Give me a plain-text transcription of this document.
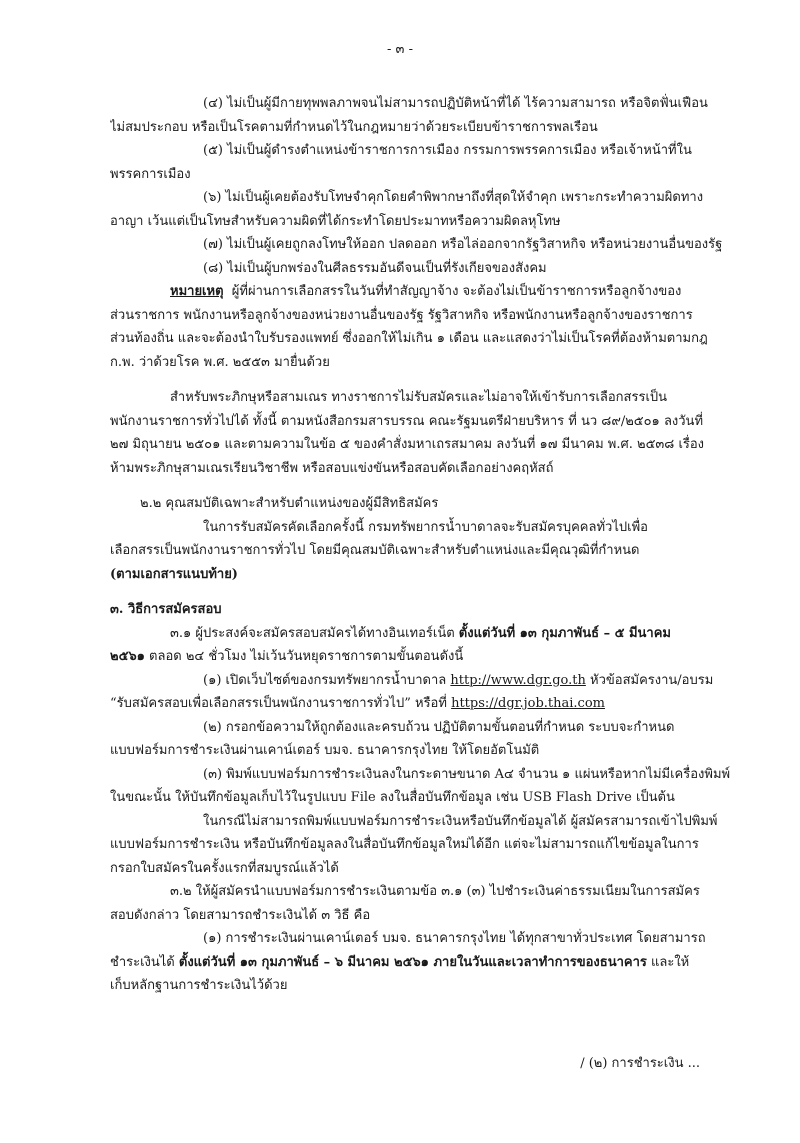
- ๓ -
(๔) ไม่เป็นผู้มีกายทุพพลภาพจนไม่สามารถปฏิบัติหน้าที่ได้ ไร้ความสามารถ หรือจิตฟั่นเฟือน
ไม่สมประกอบ หรือเป็นโรคตามที่กำหนดไว้ในกฎหมายว่าด้วยระเบียบข้าราชการพลเรือน
(๕) ไม่เป็นผู้ดำรงตำแหน่งข้าราชการการเมือง กรรมการพรรคการเมือง หรือเจ้าหน้าที่ใน
พรรคการเมือง
(๖) ไม่เป็นผู้เคยต้องรับโทษจำคุกโดยคำพิพากษาถึงที่สุดให้จำคุก เพราะกระทำความผิดทาง
อาญา เว้นแต่เป็นโทษสำหรับความผิดที่ได้กระทำโดยประมาทหรือความผิดลหุโทษ
(๗) ไม่เป็นผู้เคยถูกลงโทษให้ออก ปลดออก หรือไล่ออกจากรัฐวิสาหกิจ หรือหน่วยงานอื่นของรัฐ
(๘) ไม่เป็นผู้บกพร่องในศีลธรรมอันดีจนเป็นที่รังเกียจของสังคม
หมายเหตุ ผู้ที่ผ่านการเลือกสรรในวันที่ทำสัญญาจ้าง จะต้องไม่เป็นข้าราชการหรือลูกจ้างของ
ส่วนราชการ พนักงานหรือลูกจ้างของหน่วยงานอื่นของรัฐ รัฐวิสาหกิจ หรือพนักงานหรือลูกจ้างของราชการ
ส่วนท้องถิ่น และจะต้องนำใบรับรองแพทย์ ซึ่งออกให้ไม่เกิน ๑ เดือน และแสดงว่าไม่เป็นโรคที่ต้องห้ามตามกฎ
ก.พ. ว่าด้วยโรค พ.ศ. ๒๕๕๓ มายื่นด้วย
สำหรับพระภิกษุหรือสามเณร ทางราชการไม่รับสมัครและไม่อาจให้เข้ารับการเลือกสรรเป็น
พนักงานราชการทั่วไปได้ ทั้งนี้ ตามหนังสือกรมสารบรรณ คณะรัฐมนตรีฝ่ายบริหาร ที่ นว ๘๙/๒๕๐๑ ลงวันที่
๒๗ มิถุนายน ๒๕๐๑ และตามความในข้อ ๕ ของคำสั่งมหาเถรสมาคม ลงวันที่ ๑๗ มีนาคม พ.ศ. ๒๕๓๘ เรื่อง
ห้ามพระภิกษุสามเณรเรียนวิชาชีพ หรือสอบแข่งขันหรือสอบคัดเลือกอย่างคฤหัสถ์
๒.๒ คุณสมบัติเฉพาะสำหรับตำแหน่งของผู้มีสิทธิสมัคร
ในการรับสมัครคัดเลือกครั้งนี้ กรมทรัพยากรน้ำบาดาลจะรับสมัครบุคคลทั่วไปเพื่อ
เลือกสรรเป็นพนักงานราชการทั่วไป โดยมีคุณสมบัติเฉพาะสำหรับตำแหน่งและมีคุณวุฒิที่กำหนด
(ตามเอกสารแนบท้าย)
๓. วิธีการสมัครสอบ
๓.๑ ผู้ประสงค์จะสมัครสอบสมัครได้ทางอินเทอร์เน็ต ตั้งแต่วันที่ ๑๓ กุมภาพันธ์ – ๕ มีนาคม
๒๕๖๑ ตลอด ๒๔ ชั่วโมง ไม่เว้นวันหยุดราชการตามขั้นตอนดังนี้
(๑) เปิดเว็บไซต์ของกรมทรัพยากรน้ำบาดาล http://www.dgr.go.th หัวข้อสมัครงาน/อบรม
“รับสมัครสอบเพื่อเลือกสรรเป็นพนักงานราชการทั่วไป” หรือที่ https://dgr.job.thai.com
(๒) กรอกข้อความให้ถูกต้องและครบถ้วน ปฏิบัติตามขั้นตอนที่กำหนด ระบบจะกำหนด
แบบฟอร์มการชำระเงินผ่านเคาน์เตอร์ บมจ. ธนาคารกรุงไทย ให้โดยอัตโนมัติ
(๓) พิมพ์แบบฟอร์มการชำระเงินลงในกระดาษขนาด A๔ จำนวน ๑ แผ่นหรือหากไม่มีเครื่องพิมพ์
ในขณะนั้น ให้บันทึกข้อมูลเก็บไว้ในรูปแบบ File ลงในสื่อบันทึกข้อมูล เช่น USB Flash Drive เป็นต้น
ในกรณีไม่สามารถพิมพ์แบบฟอร์มการชำระเงินหรือบันทึกข้อมูลได้ ผู้สมัครสามารถเข้าไปพิมพ์
แบบฟอร์มการชำระเงิน หรือบันทึกข้อมูลลงในสื่อบันทึกข้อมูลใหม่ได้อีก แต่จะไม่สามารถแก้ไขข้อมูลในการ
กรอกใบสมัครในครั้งแรกที่สมบูรณ์แล้วได้
๓.๒ ให้ผู้สมัครนำแบบฟอร์มการชำระเงินตามข้อ ๓.๑ (๓) ไปชำระเงินค่าธรรมเนียมในการสมัคร
สอบดังกล่าว โดยสามารถชำระเงินได้ ๓ วิธี คือ
(๑) การชำระเงินผ่านเคาน์เตอร์ บมจ. ธนาคารกรุงไทย ได้ทุกสาขาทั่วประเทศ โดยสามารถ
ชำระเงินได้ ตั้งแต่วันที่ ๑๓ กุมภาพันธ์ – ๖ มีนาคม ๒๕๖๑ ภายในวันและเวลาทำการของธนาคาร และให้
เก็บหลักฐานการชำระเงินไว้ด้วย
/ (๒) การชำระเงิน ...
